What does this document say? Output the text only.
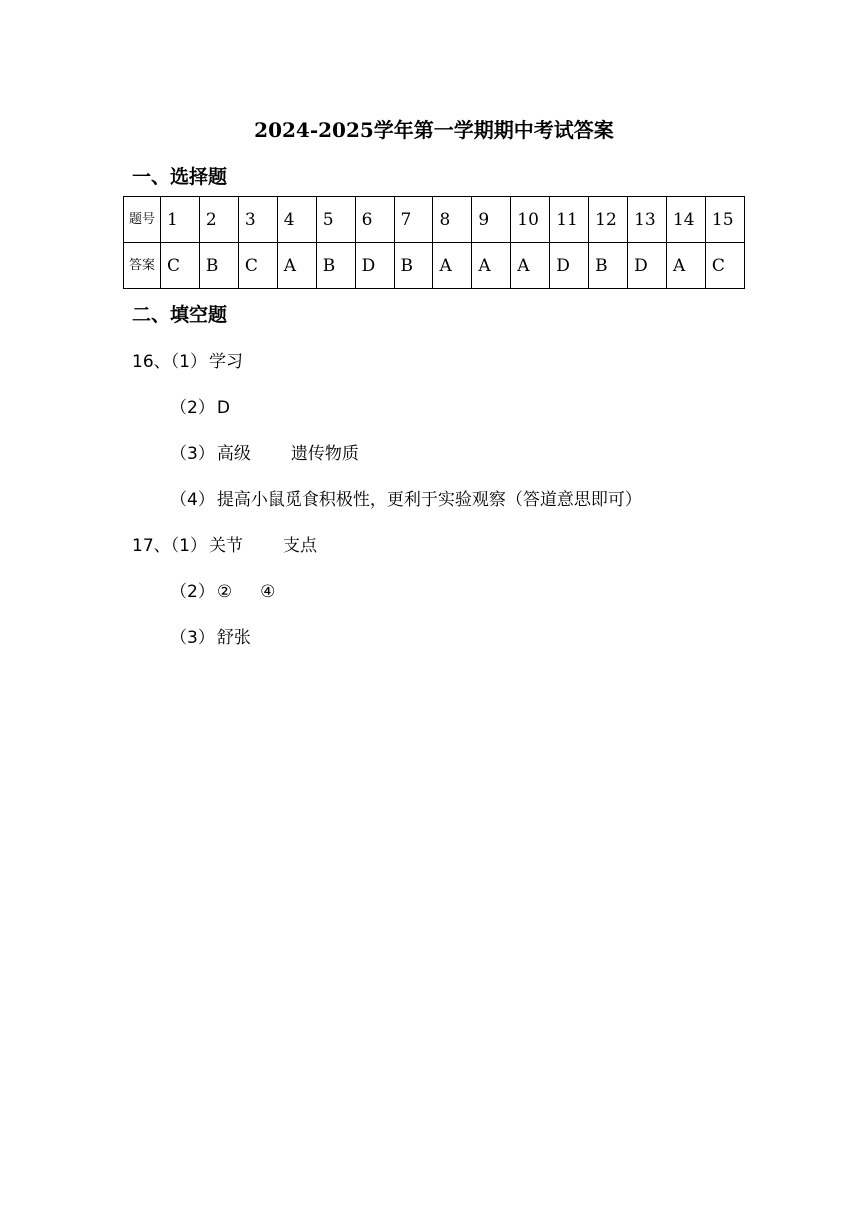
2024-2025学年第一学期期中考试答案
一、选择题
题号	1	2	3	4	5	6	7	8	9	10	11	12	13	14	15
答案	C	B	C	A	B	D	B	A	A	A	D	B	D	A	C
二、填空题
16、（1） 学习
（2） D
（3） 高级 遗传物质
（4） 提高小鼠觅食积极性，更利于实验观察（答道意思即可）
17、（1） 关节 支点
（2） ② ④
（3） 舒张
